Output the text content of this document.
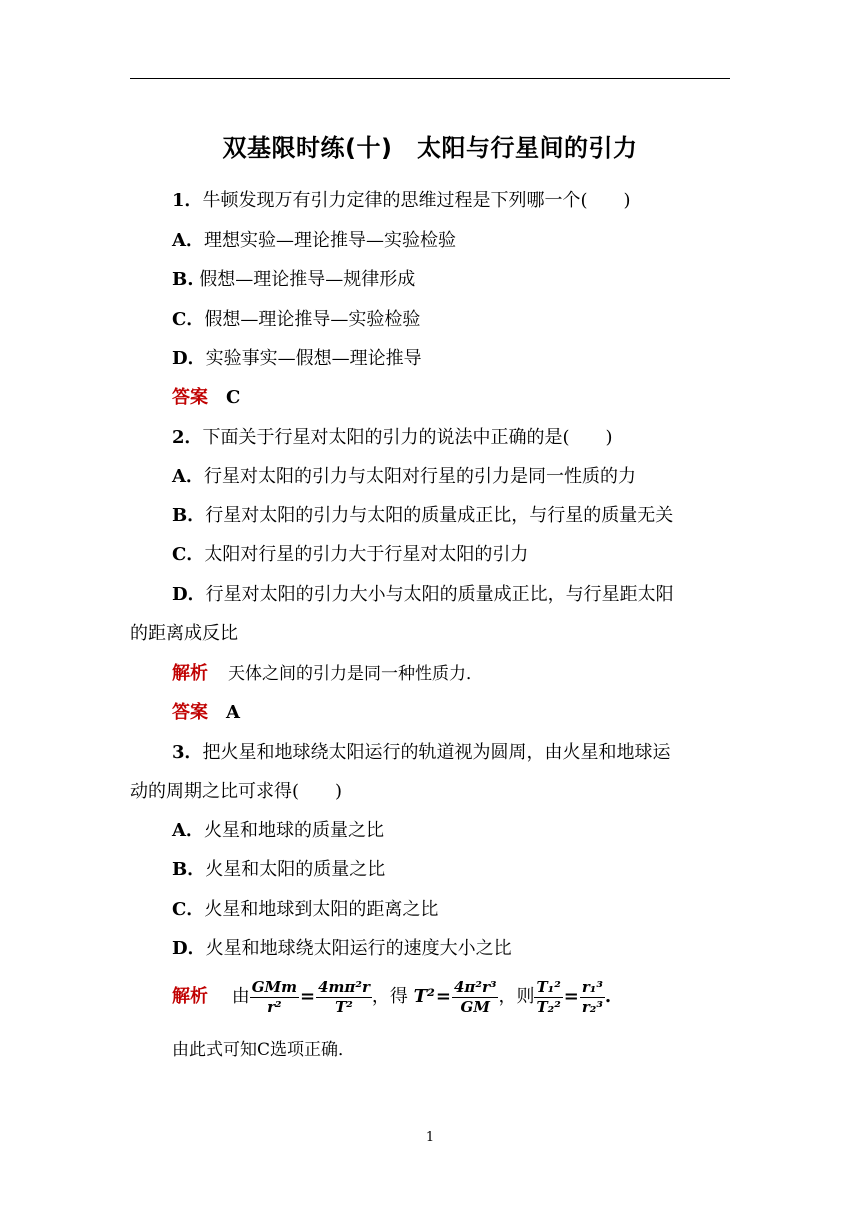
双基限时练(十)　太阳与行星间的引力
1．牛顿发现万有引力定律的思维过程是下列哪一个(　　)
A．理想实验—理论推导—实验检验
B. 假想—理论推导—规律形成
C．假想—理论推导—实验检验
D．实验事实—假想—理论推导
答案 C
2．下面关于行星对太阳的引力的说法中正确的是(　　)
A．行星对太阳的引力与太阳对行星的引力是同一性质的力
B．行星对太阳的引力与太阳的质量成正比，与行星的质量无关
C．太阳对行星的引力大于行星对太阳的引力
D．行星对太阳的引力大小与太阳的质量成正比，与行星距太阳
的距离成反比
解析 天体之间的引力是同一种性质力．
答案 A
3．把火星和地球绕太阳运行的轨道视为圆周，由火星和地球运
动的周期之比可求得(　　)
A．火星和地球的质量之比
B．火星和太阳的质量之比
C．火星和地球到太阳的距离之比
D．火星和地球绕太阳运行的速度大小之比
解析 由 $\frac{\text{GMm}}{\text{r²}} = \frac{\text{4mπ²r}}{\text{T²}}$ ，得 $T^2= \frac{\text{4π²r³}}{GM}$ ，则 $\frac{\text{T₁²}}{\text{T₂²}} = \frac{\text{r₁³}}{\text{r₂³}}$ .
由此式可知C选项正确．
1
